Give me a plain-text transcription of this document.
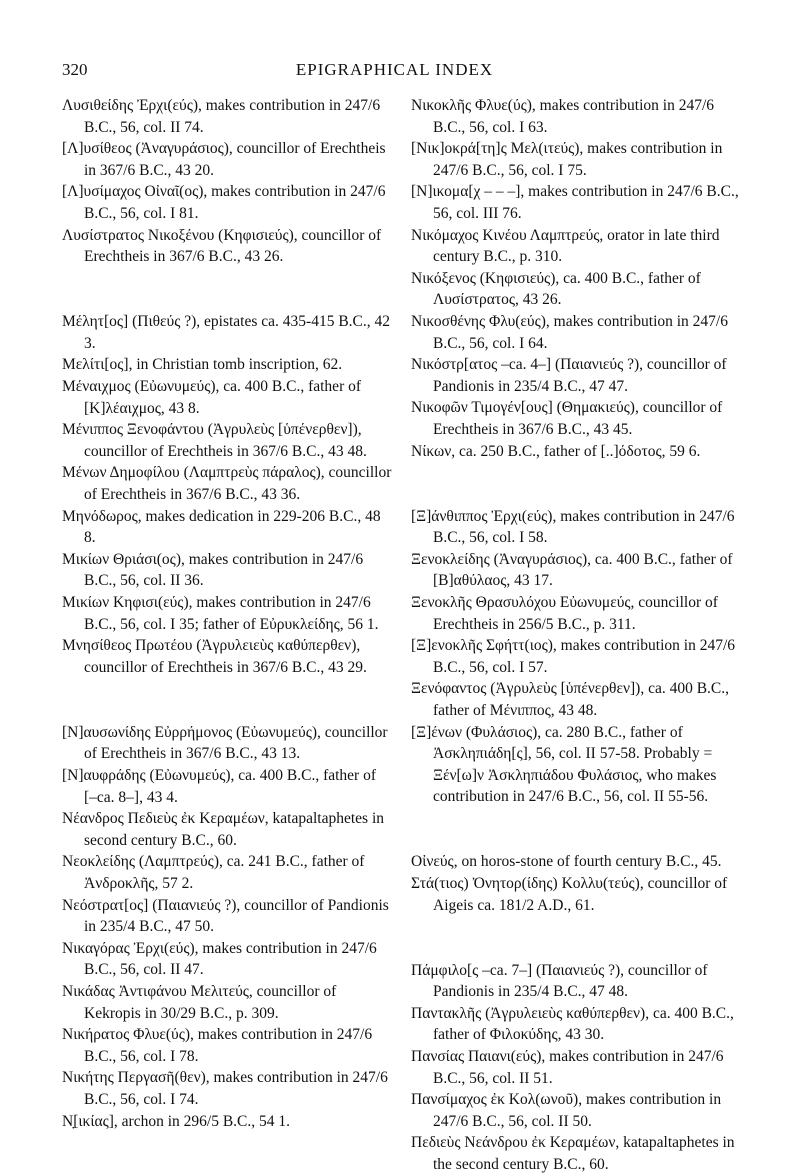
320	EPIGRAPHICAL INDEX

Λυσιθείδης Ἐρχι(εύς), makes contribution in 247/6 B.C., 56, col. II 74.

[Λ]υσίθεος (Ἀναγυράσιος), councillor of Erechtheis in 367/6 B.C., 43 20.

[Λ]υσίμαχος Οἰναῖ(ος), makes contribution in 247/6 B.C., 56, col. I 81.

Λυσίστρατος Νικοξένου (Κηφισιεύς), councillor of Erechtheis in 367/6 B.C., 43 26.

Μέλητ[ος] (Πιθεύς ?), epistates ca. 435-415 B.C., 42 3.

Μελίτι[ος], in Christian tomb inscription, 62.

Μέναιχμος (Εὐωνυμεύς), ca. 400 B.C., father of [Κ]λέαιχμος, 43 8.

Μένιππος Ξενοφάντου (Ἀγρυλεὺς [ὑπένερθεν]), councillor of Erechtheis in 367/6 B.C., 43 48.

Μένων Δημοφίλου (Λαμπτρεὺς πάραλος), councillor of Erechtheis in 367/6 B.C., 43 36.

Μηνόδωρος, makes dedication in 229-206 B.C., 48 8.

Μικίων Θριάσι(ος), makes contribution in 247/6 B.C., 56, col. II 36.

Μικίων Κηφισι(εύς), makes contribution in 247/6 B.C., 56, col. I 35; father of Εὐρυκλείδης, 56 1.

Μνησίθεος Πρωτέου (Ἀγρυλειεὺς καθύπερθεν), councillor of Erechtheis in 367/6 B.C., 43 29.

[Ν]αυσωνίδης Εὐρρήμονος (Εὐωνυμεύς), councillor of Erechtheis in 367/6 B.C., 43 13.

[Ν]αυφράδης (Εὐωνυμεύς), ca. 400 B.C., father of [–ca. 8–], 43 4.

Νέανδρος Πεδιεὺς ἐκ Κεραμέων, katapaltaphetes in second century B.C., 60.

Νεοκλείδης (Λαμπτρεύς), ca. 241 B.C., father of Ἀνδροκλῆς, 57 2.

Νεόστρατ[ος] (Παιανιεύς ?), councillor of Pandionis in 235/4 B.C., 47 50.

Νικαγόρας Ἐρχι(εύς), makes contribution in 247/6 B.C., 56, col. II 47.

Νικάδας Ἀντιφάνου Μελιτεύς, councillor of Kekropis in 30/29 B.C., p. 309.

Νικήρατος Φλυε(ύς), makes contribution in 247/6 B.C., 56, col. I 78.

Νικήτης Περγασῆ(θεν), makes contribution in 247/6 B.C., 56, col. I 74.

Ν̣[ικίας], archon in 296/5 B.C., 54 1.

Νικοκλῆς Φλυε(ύς), makes contribution in 247/6 B.C., 56, col. I 63.

[Νικ]οκρά[τη]ς Μελ(ιτεύς), makes contribution in 247/6 B.C., 56, col. I 75.

[Ν]ικομα[χ – – –], makes contribution in 247/6 B.C., 56, col. III 76.

Νικόμαχος Κινέου Λαμπτρεύς, orator in late third century B.C., p. 310.

Νικόξενος (Κηφισιεύς), ca. 400 B.C., father of Λυσίστρατος, 43 26.

Νικοσθένης Φλυ(εύς), makes contribution in 247/6 B.C., 56, col. I 64.

Νικόστρ[ατος –ca. 4–] (Παιανιεύς ?), councillor of Pandionis in 235/4 B.C., 47 47.

Νικοφῶν Τιμογέν[ους] (Θημακιεύς), councillor of Erechtheis in 367/6 B.C., 43 45.

Νίκων, ca. 250 B.C., father of [..]όδοτος, 59 6.

[Ξ]άνθιππος Ἐρχι(εύς), makes contribution in 247/6 B.C., 56, col. I 58.

Ξενοκλείδης (Ἀναγυράσιος), ca. 400 B.C., father of [Β]αθύλαος, 43 17.

Ξενοκλῆς Θρασυλόχου Εὐωνυμεύς, councillor of Erechtheis in 256/5 B.C., p. 311.

[Ξ]ενοκλῆς Σφήττ(ιος), makes contribution in 247/6 B.C., 56, col. I 57.

Ξενόφαντος (Ἀγρυλεὺς [ὑπένερθεν]), ca. 400 B.C., father of Μένιππος, 43 48.

[Ξ]ένων (Φυλάσιος), ca. 280 B.C., father of Ἀσκληπιάδη[ς], 56, col. II 57-58. Probably = Ξέν[ω]ν Ἀσκληπιάδου Φυλάσιος, who makes contribution in 247/6 B.C., 56, col. II 55-56.

Οἰνεύς, on horos-stone of fourth century B.C., 45.

Στά(τιος) Ὀνητορ(ίδης) Κολλυ(τεύς), councillor of Aigeis ca. 181/2 A.D., 61.

Πάμφιλο[ς –ca. 7–] (Παιανιεύς ?), councillor of Pandionis in 235/4 B.C., 47 48.

Παντακλῆς (Ἀγρυλειεὺς καθύπερθεν), ca. 400 B.C., father of Φιλοκύδης, 43 30.

Πανσίας Παιανι(εύς), makes contribution in 247/6 B.C., 56, col. II 51.

Πανσίμαχος ἐκ Κολ(ωνοῦ), makes contribution in 247/6 B.C., 56, col. II 50.

Πεδιεὺς Νεάνδρου ἐκ Κεραμέων, katapaltaphetes in the second century B.C., 60.
